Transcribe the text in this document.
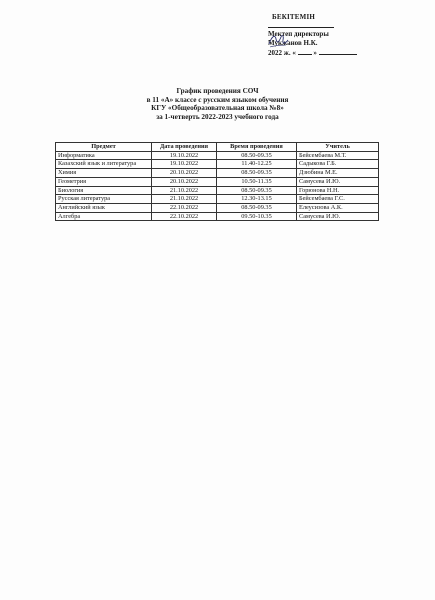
БЕКІТЕМІН
Мектеп директоры
Мукжанов Н.К.
2022 ж. «	»
График проведения СОЧ
в 11 «А» классе с русским языком обучения
КГУ «Общеобразовательная школа №8»
за 1-четверть 2022-2023 учебного года
Предмет	Дата проведения	Время проведения	Учитель
Информатика	19.10.2022	08.50-09.35	Бейсембаева М.Т.
Казахский язык и литература	19.10.2022	11.40-12.25	Садыкова Г.Б.
Химия	20.10.2022	08.50-09.35	Дзюбина М.Е.
Геометрия	20.10.2022	10.50-11.35	Самусева И.Ю.
Биология	21.10.2022	08.50-09.35	Горюнова Н.Н.
Русская литература	21.10.2022	12.30-13.15	Бейсембаева Г.С.
Английский язык	22.10.2022	08.50-09.35	Елеусизова А.К.
Алгебра	22.10.2022	09.50-10.35	Самусева И.Ю.
